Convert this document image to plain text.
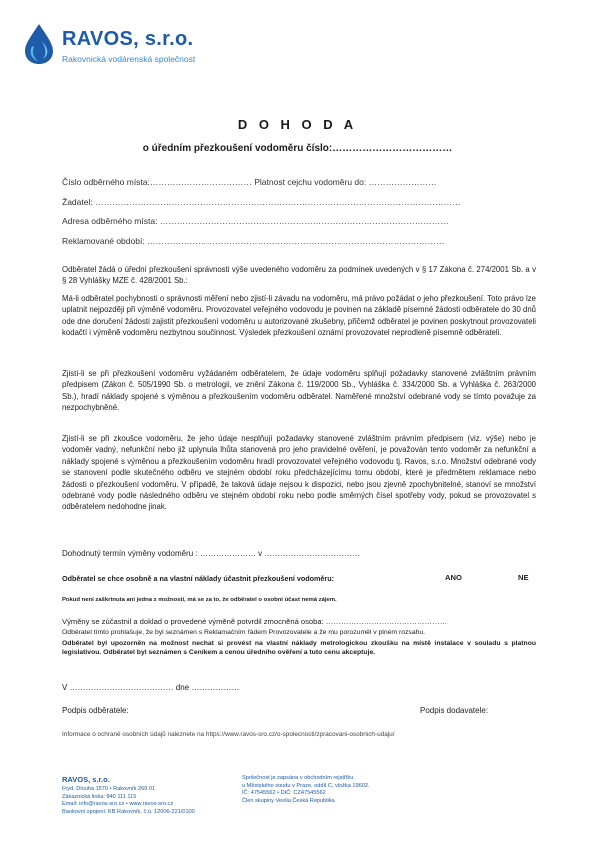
RAVOS, s.r.o.
Rakovnická vodárenská společnost
D O H O D A
o úředním přezkoušení vodoměru číslo:………………………………
Číslo odběrného místa:……………………………… Platnost cejchu vodoměru do: ……………………
Žadatel: …………………………………………………………………………………………………………………
Adresa odběrného místa: …………………………………………………………………………………………
Reklamované období: ……………………………………………………………………………………………
Odběratel žádá o úřední přezkoušení správnosti výše uvedeného vodoměru za podmínek uvedených v § 17 Zákona č. 274/2001 Sb. a v § 28 Vyhlášky MZE č. 428/2001 Sb.:
Má-li odběratel pochybnosti o správnosti měření nebo zjistí-li závadu na vodoměru, má právo požádat o jeho přezkoušení. Toto právo lze uplatnit nejpozději při výměně vodoměru. Provozovatel veřejného vodovodu je povinen na základě písemné žádosti odběratele do 30 dnů ode dne doručení žádosti zajistit přezkoušení vodoměru u autorizované zkušebny, přičemž odběratel je povinen poskytnout provozovateli kodačtí i výměně vodoměru nezbytnou součinnost. Výsledek přezkoušení oznámí provozovatel neprodleně písemně odběrateli.
Zjistí-li se při přezkoušení vodoměru vyžádaném odběratelem, že údaje vodoměru splňují požadavky stanovené zvláštním právním předpisem (Zákon č. 505/1990 Sb. o metrologii, ve znění Zákona č. 119/2000 Sb., Vyhláška č. 334/2000 Sb. a Vyhláška č. 263/2000 Sb.), hradí náklady spojené s výměnou a přezkoušením vodoměru odběratel. Naměřené množství odebrané vody se tímto považuje za nezpochybněné.
Zjistí-li se při zkoušce vodoměru, že jeho údaje nesplňují požadavky stanovené zvláštním právním předpisem (viz. výše) nebo je vodoměr vadný, nefunkční nebo již uplynula lhůta stanovená pro jeho pravidelné ověření, je považován tento vodoměr za nefunkční a náklady spojené s výměnou a přezkoušením vodoměru hradí provozovatel veřejného vodovodu tj. Ravos, s.r.o. Množství odebrané vody se stanovení podle skutečného odběru ve stejném období roku předcházejícímu tomu období, které je předmětem reklamace nebo žádosti o přezkoušení vodoměru. V případě, že taková údaje nejsou k dispozici, nebo jsou zjevně zpochybnitelné, stanoví se množství odebrané vody podle následného odběru ve stejném období roku nebo podle směrných čísel spotřeby vody, pokud se provozovatel s odběratelem nedohodne jinak.
Dohodnutý termín výměny vodoměru : ………………… v ………………………………
Odběratel se chce osobně a na vlastní náklady účastnit přezkoušení vodoměru:	ANO	NE
Pokud není zaškrtnuta ani jedna z možností, má se za to, že odběratel o osobní účast nemá zájem.
Výměny se zúčastnil a doklad o provedené výměně potvrdil zmocněná osoba: …………………………………………
Odběratel tímto prohlašuje, že byl seznámen s Reklamačním řádem Provozovatele a že mu porozuměl v plném rozsahu.
Odběratel byl upozorněn na možnost nechat si provést na vlastní náklady metrologickou zkoušku na místě instalace v souladu s platnou legislativou. Odběratel byl seznámen s Ceníkem a cenou úředního ověření a tuto cenu akceptuje.
V ………………………………… dne ………………
Podpis odběratele:	Podpis dodavatele:
Informace o ochraně osobních údajů naleznete na https://www.ravos-sro.cz/o-spolecnosti/zpracovani-osobnich-udaju/
RAVOS, s.r.o.
Fryd. Dlouhá 1570 • Rakovník 269 01
Zákaznická linka: 840 111 115
Email: info@ravos-sro.cz • www.ravos-sro.cz
Bankovní spojení: KB Rakovník, č.ú. 12006-221/0100
Společnost je zapsána v obchodním rejstříku
u Městského soudu v Praze, oddíl C, vložka 19602.
IČ: 47545562 • DIČ: CZ47545562
Člen skupiny Veolia Česká Republika
